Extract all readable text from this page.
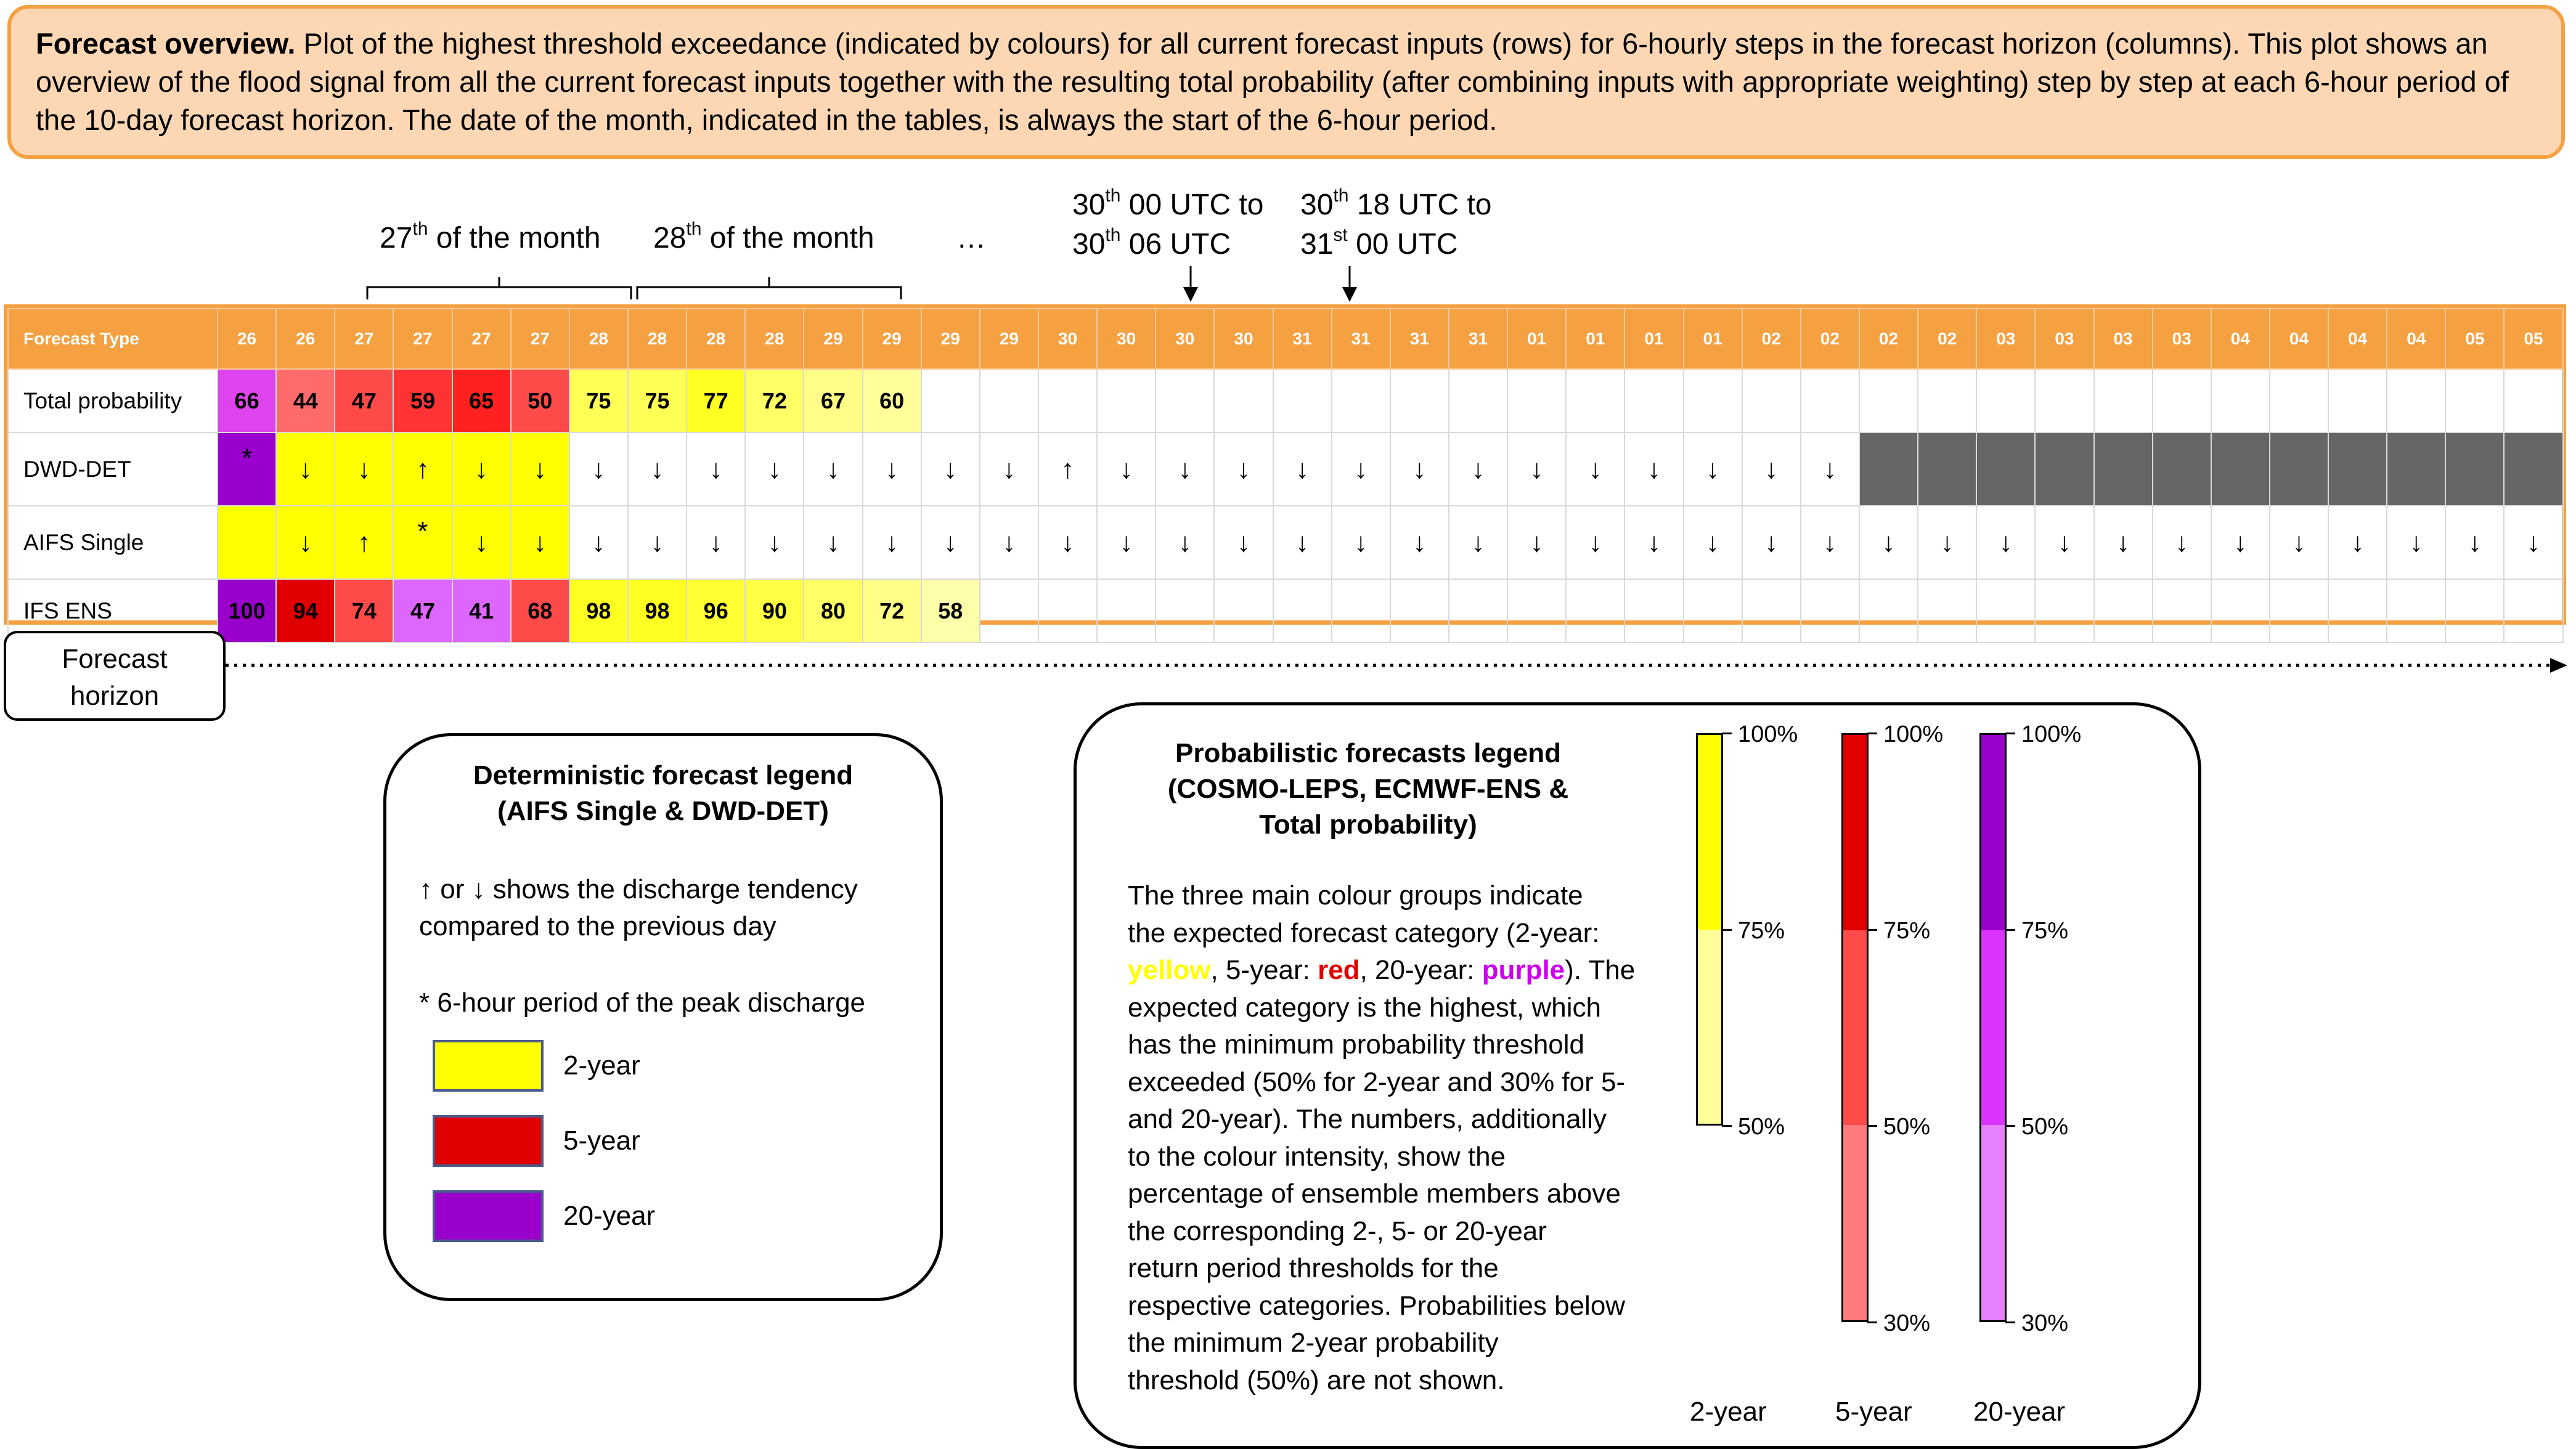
Forecast overview. Plot of the highest threshold exceedance (indicated by colours) for all current forecast inputs (rows) for 6-hourly steps in the forecast horizon (columns). This plot shows an overview of the flood signal from all the current forecast inputs together with the resulting total probability (after combining inputs with appropriate weighting) step by step at each 6-hour period of the 10-day forecast horizon. The date of the month, indicated in the tables, is always the start of the 6-hour period.
27th of the month 28th of the month	…
30th 00 UTC to
30th 06 UTC
30th 18 UTC to
31st 00 UTC
Forecast Type	26	26	27	27	27	27	28	28	28	28	29	29	29	29	30	30	30	30	31	31	31	31	01	01	01	01	02	02	02	02	03	03	03	03	04	04	04	04	05	05
Total probability	66	44	47	59	65	50	75	75	77	72	67	60																												
DWD-DET	*	↓	↓	↑	↓	↓	↓	↓	↓	↓	↓	↓	↓	↓	↑	↓	↓	↓	↓	↓	↓	↓	↓	↓	↓	↓	↓	↓												
AIFS Single		↓	↑	*	↓	↓	↓	↓	↓	↓	↓	↓	↓	↓	↓	↓	↓	↓	↓	↓	↓	↓	↓	↓	↓	↓	↓	↓	↓	↓	↓	↓	↓	↓	↓	↓	↓	↓	↓	↓
IFS ENS	100	94	74	47	41	68	98	98	96	90	80	72	58																											
Forecast
horizon
Deterministic forecast legend
(AIFS Single & DWD-DET)
↑ or ↓ shows the discharge tendency
compared to the previous day
* 6-hour period of the peak discharge
2-year
5-year
20-year
Probabilistic forecasts legend
(COSMO-LEPS, ECMWF-ENS &
Total probability)
The three main colour groups indicate
the expected forecast category (2-year:
yellow, 5-year: red, 20-year: purple). The
expected category is the highest, which
has the minimum probability threshold
exceeded (50% for 2-year and 30% for 5-
and 20-year). The numbers, additionally
to the colour intensity, show the
percentage of ensemble members above
the corresponding 2-, 5- or 20-year
return period thresholds for the
respective categories. Probabilities below
the minimum 2-year probability
threshold (50%) are not shown.
100%
75%
50%
2-year
100%
75%
50%
30%
5-year
100%
75%
50%
30%
20-year
